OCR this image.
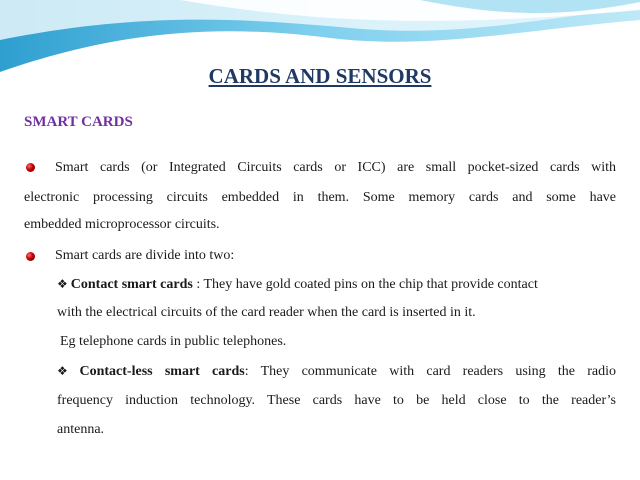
CARDS AND SENSORS
SMART CARDS
Smart cards (or Integrated Circuits cards or ICC) are small pocket-sized cards with
electronic processing circuits embedded in them. Some memory cards and some have
embedded microprocessor circuits.
Smart cards are divide into two:
❖ Contact smart cards : They have gold coated pins on the chip that provide contact
with the electrical circuits of the card reader when the card is inserted in it.
Eg telephone cards in public telephones.
❖ Contact-less smart cards: They communicate with card readers using the radio
frequency induction technology. These cards have to be held close to the reader’s
antenna.
